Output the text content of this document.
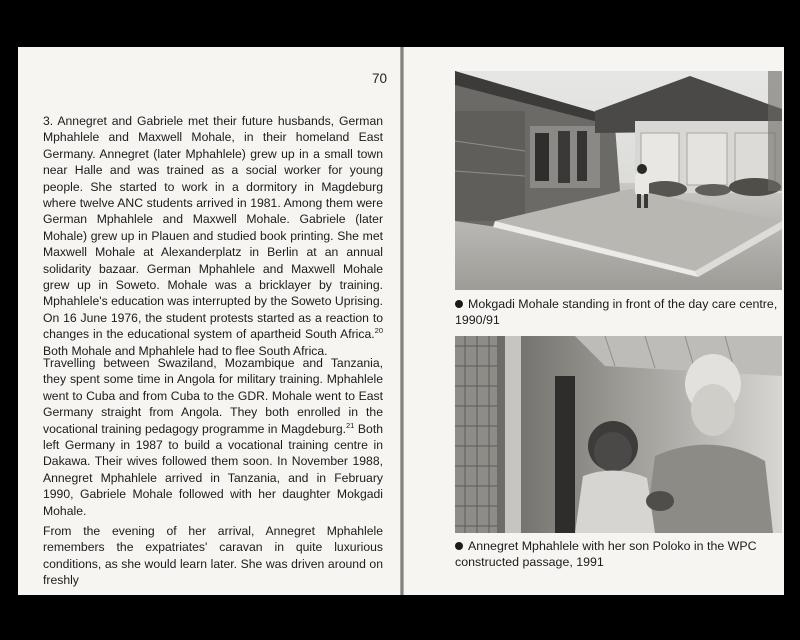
70

3. Annegret and Gabriele met their future husbands, German Mphahlele and Maxwell Mohale, in their homeland East Germany. Annegret (later Mphahlele) grew up in a small town near Halle and was trained as a social worker for young people. She started to work in a dormitory in Magdeburg where twelve ANC students arrived in 1981. Among them were German Mphahlele and Maxwell Mohale. Gabriele (later Mohale) grew up in Plauen and studied book printing. She met Maxwell Mohale at Alexanderplatz in Berlin at an annual solidarity bazaar. German Mphahlele and Maxwell Mohale grew up in Soweto. Mohale was a bricklayer by training. Mphahlele's education was interrupted by the Soweto Uprising. On 16 June 1976, the student protests started as a reaction to changes in the educational system of apartheid South Africa.$^{20}$ Both Mohale and Mphahlele had to flee South Africa.

Travelling between Swaziland, Mozambique and Tanzania, they spent some time in Angola for military training. Mphahlele went to Cuba and from Cuba to the GDR. Mohale went to East Germany straight from Angola. They both enrolled in the vocational training pedagogy programme in Magdeburg.$^{21}$ Both left Germany in 1987 to build a vocational training centre in Dakawa. Their wives followed them soon. In November 1988, Annegret Mphahlele arrived in Tanzania, and in February 1990, Gabriele Mohale followed with her daughter Mokgadi Mohale.

From the evening of her arrival, Annegret Mphahlele remembers the expatriates' caravan in quite luxurious conditions, as she would learn later. She was driven around on freshly

Mokgadi Mohale standing in front of the day care centre, 1990/91
Annegret Mphahlele with her son Poloko in the WPC constructed passage, 1991
